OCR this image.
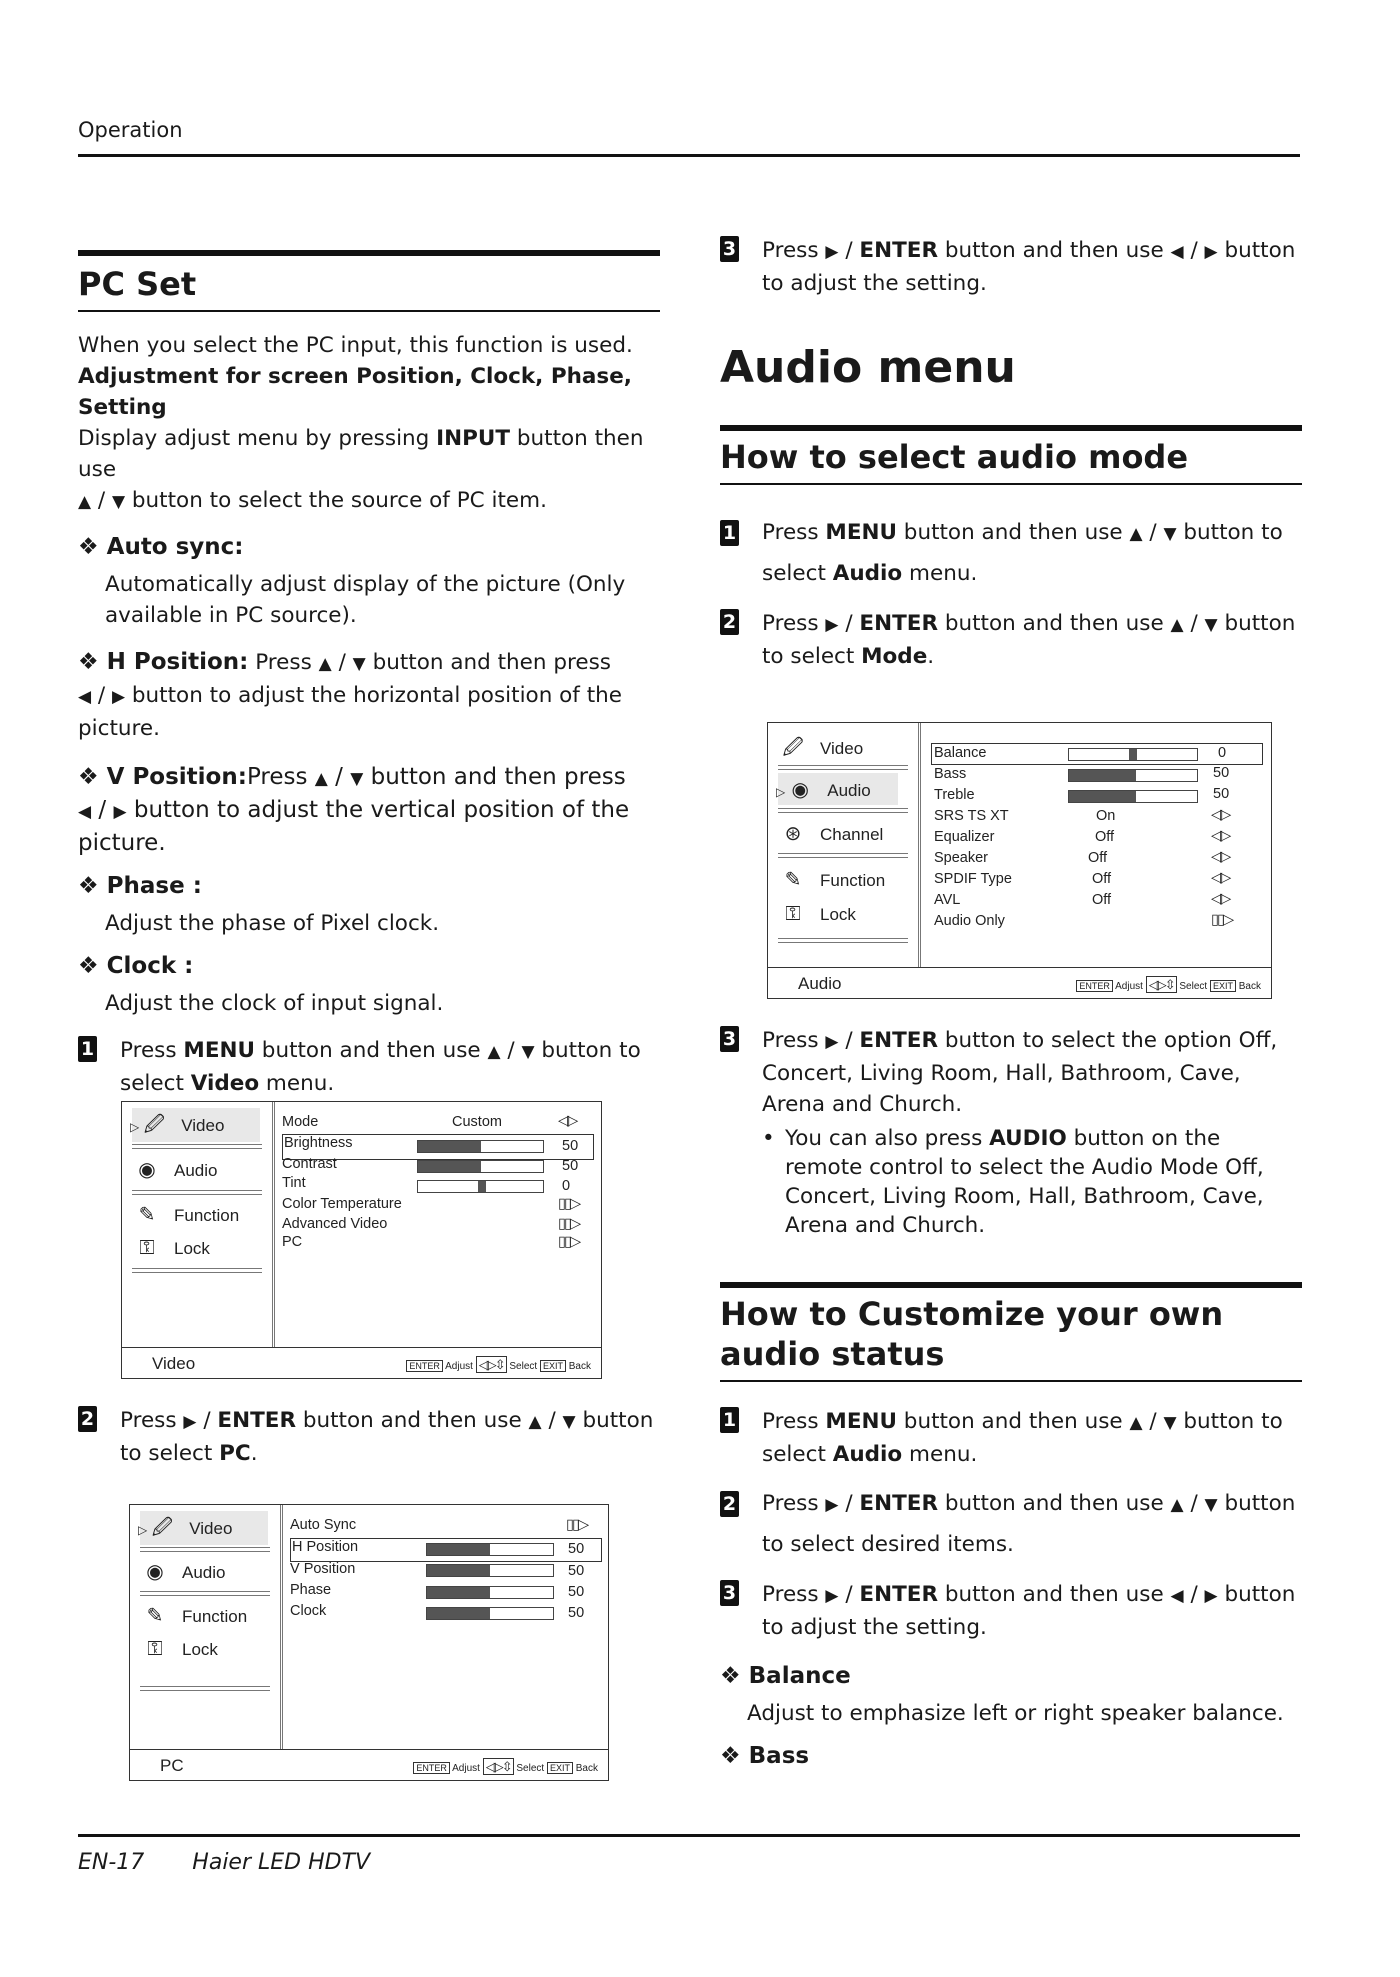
Operation
PC Set

When you select the PC input, this function is used.

Adjustment for screen Position, Clock, Phase, Setting

Display adjust menu by pressing INPUT button then use
▲ / ▼ button to select the source of PC item.

❖ Auto sync:

Automatically adjust display of the picture (Only available in PC source).

❖ H Position: Press ▲ / ▼ button and then press
◀ / ▶ button to adjust the horizontal position of the picture.

❖ V Position:Press ▲ / ▼ button and then press
◀ / ▶ button to adjust the vertical position of the picture.

❖ Phase :

Adjust the phase of Pixel clock.

❖ Clock :

Adjust the clock of input signal.

1 Press MENU button and then use ▲ / ▼ button to select Video menu.
▷ 🖉 Video
◉ Audio
✎ Function
⚿ Lock
Mode	Custom	◁▷
Brightness	50
Contrast	50
Tint	0
Color Temperature	▯▯▷
Advanced Video	▯▯▷
PC	▯▯▷
Video	ENTER Adjust ◁▷⇳ Select EXIT Back
2 Press ▶ / ENTER button and then use ▲ / ▼ button to select PC.
▷ 🖉 Video
◉ Audio
✎ Function
⚿ Lock
Auto Sync	▯▯▷
H Position	50
V Position	50
Phase	50
Clock	50
PC	ENTER Adjust ◁▷⇳ Select EXIT Back
3 Press ▶ / ENTER button and then use ◀ / ▶ button to adjust the setting.
Audio menu
How to select audio mode
1 Press MENU button and then use ▲ / ▼ button to select Audio menu.
2 Press ▶ / ENTER button and then use ▲ / ▼ button to select Mode.
🖉 Video
▷ ◉ Audio
⊛ Channel
✎ Function
⚿ Lock
Balance	0
Bass	50
Treble	50
SRS TS XT	On	◁▷
Equalizer	Off	◁▷
Speaker	Off	◁▷
SPDIF Type	Off	◁▷
AVL	Off	◁▷
Audio Only	▯▯▷
Audio	ENTER Adjust ◁▷⇳ Select EXIT Back
3 Press ▶ / ENTER button to select the option Off, Concert, Living Room, Hall, Bathroom, Cave, Arena and Church.
• You can also press AUDIO button on the remote control to select the Audio Mode Off, Concert, Living Room, Hall, Bathroom, Cave, Arena and Church.
How to Customize your own audio status
1 Press MENU button and then use ▲ / ▼ button to select Audio menu.
2 Press ▶ / ENTER button and then use ▲ / ▼ button to select desired items.
3 Press ▶ / ENTER button and then use ◀ / ▶ button to adjust the setting.

❖ Balance

Adjust to emphasize left or right speaker balance.

❖ Bass

EN-17 Haier LED HDTV
